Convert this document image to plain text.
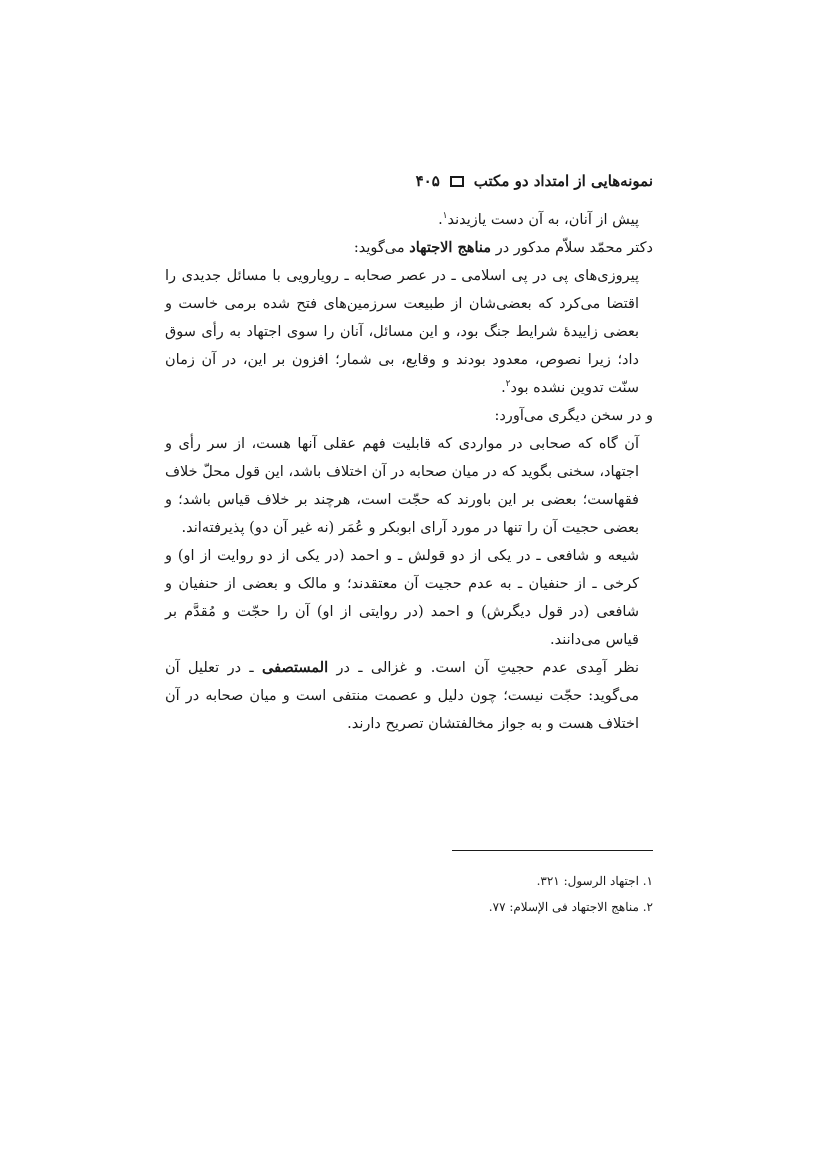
نمونه‌هایی از امتداد دو مکتب
۴۰۵

پیش از آنان، به آن دست یازیدند$^۱$.

دکتر محمّد سلاّم مدکور در مناهج الاجتهاد می‌گوید:

پیروزی‌های پی در پی اسلامی ـ در عصر صحابه ـ رویارویی با مسائل جدیدی را اقتضا می‌کرد که بعضی‌شان از طبیعت سرزمین‌های فتح شده برمی خاست و بعضی زاییدهٔ شرایط جنگ بود، و این مسائل، آنان را سوی اجتهاد به رأی سوق داد؛ زیرا نصوص، معدود بودند و وقایع، بی شمار؛ افزون بر این، در آن زمان سنّت تدوین نشده بود$^۲$.

و در سخن دیگری می‌آورد:

آن گاه که صحابی در مواردی که قابلیت فهم عقلی آنها هست، از سر رأی و اجتهاد، سخنی بگوید که در میان صحابه در آن اختلاف باشد، این قول محلّ خلاف فقهاست؛ بعضی بر این باورند که حجّت است، هرچند بر خلاف قیاس باشد؛ و بعضی حجیت آن را تنها در مورد آرای ابوبکر و عُمَر (نه غیر آن دو) پذیرفته‌اند.

شیعه و شافعی ـ در یکی از دو قولش ـ و احمد (در یکی از دو روایت از او) و کرخی ـ از حنفیان ـ به عدم حجیت آن معتقدند؛ و مالک و بعضی از حنفیان و شافعی (در قول دیگرش) و احمد (در روایتی از او) آن را حجّت و مُقدَّم بر قیاس می‌دانند.

نظر آمِدی عدم حجیتِ آن است. و غزالی ـ در المستصفی ـ در تعلیل آن می‌گوید: حجّت نیست؛ چون دلیل و عصمت منتفی است و میان صحابه در آن اختلاف هست و به جواز مخالفتشان تصریح دارند.

۱. اجتهاد الرسول: ۳۲۱.

۲. مناهج الاجتهاد فی الإسلام: ۷۷.
